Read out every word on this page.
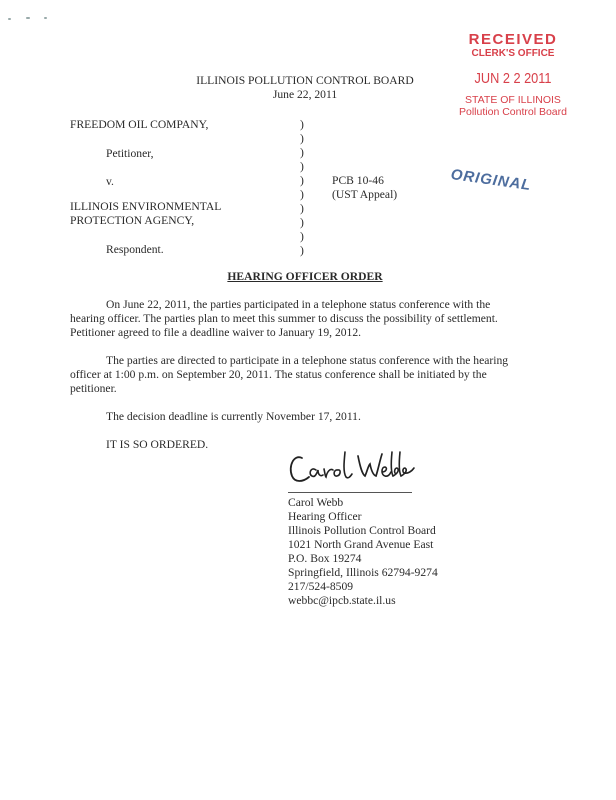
RECEIVED
CLERK'S OFFICE
JUN 2 2 2011
STATE OF ILLINOIS
Pollution Control Board
ORIGINAL
ILLINOIS POLLUTION CONTROL BOARD
June 22, 2011
FREEDOM OIL COMPANY,
Petitioner,
v.
ILLINOIS ENVIRONMENTAL
PROTECTION AGENCY,
Respondent.
)
)
)
)
)
)
)
)
)
)
PCB 10-46
(UST Appeal)
HEARING OFFICER ORDER
On June 22, 2011, the parties participated in a telephone status conference with the
hearing officer. The parties plan to meet this summer to discuss the possibility of settlement.
Petitioner agreed to file a deadline waiver to January 19, 2012.
The parties are directed to participate in a telephone status conference with the hearing
officer at 1:00 p.m. on September 20, 2011. The status conference shall be initiated by the
petitioner.
The decision deadline is currently November 17, 2011.
IT IS SO ORDERED.
Carol Webb
Hearing Officer
Illinois Pollution Control Board
1021 North Grand Avenue East
P.O. Box 19274
Springfield, Illinois 62794-9274
217/524-8509
webbc@ipcb.state.il.us
